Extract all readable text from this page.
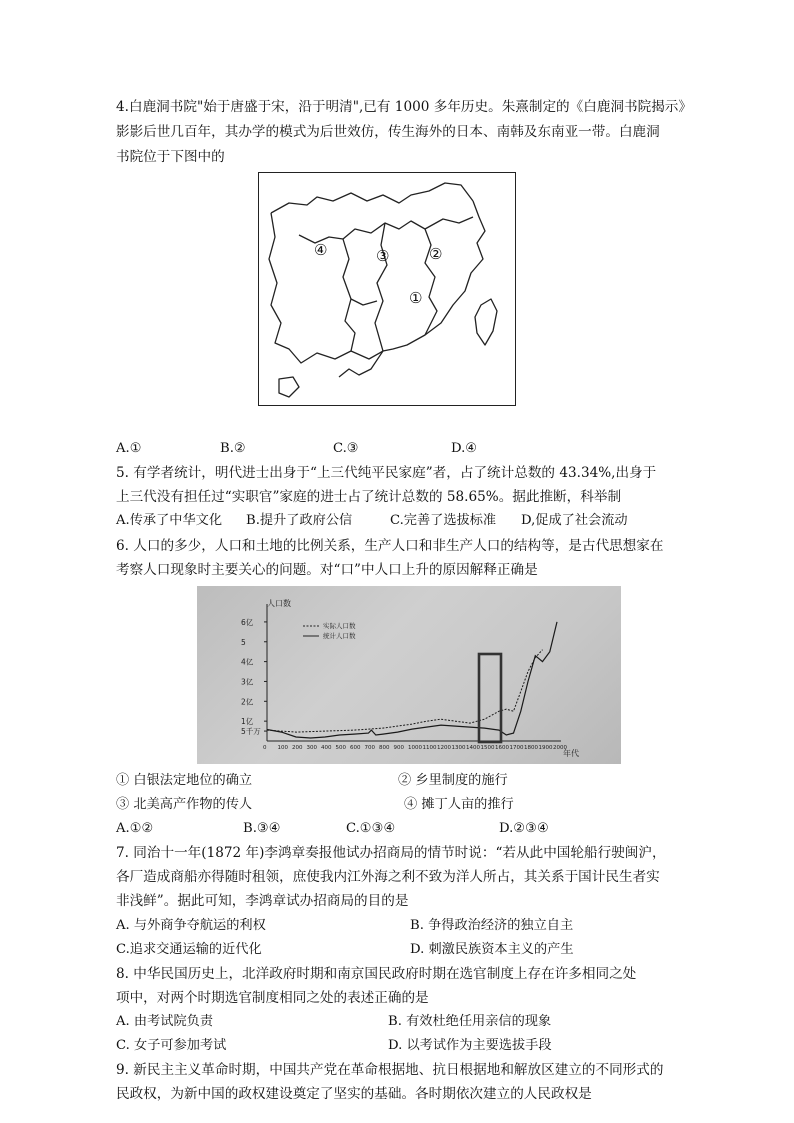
4.白鹿洞书院"始于唐盛于宋，沿于明清",已有 1000 多年历史。朱熹制定的《白鹿洞书院揭示》
影影后世几百年，其办学的模式为后世效仿，传生海外的日本、南韩及东南亚一带。白鹿洞
书院位于下图中的
③	②
④
①
A.①	B.②	C.③	D.④
5. 有学者统计，明代进士出身于“上三代纯平民家庭”者，占了统计总数的 43.34%,出身于
上三代没有担任过“实职官”家庭的进士占了统计总数的 58.65%。据此推断，科举制
A.传承了中华文化 B.提升了政府公信	C.完善了选拔标准 D,促成了社会流动
6. 人口的多少，人口和土地的比例关系，生产人口和非生产人口的结构等，是古代思想家在
考察人口现象时主要关心的问题。对“口”中人口上升的原因解释正确是
5千万
1亿
2亿
3亿
4亿
5
6亿
0 100 200 300 400 500 600 700 800 900 1000 1100 1200 1300 1400 1500 1600 1700 1800 1900 2000
人口数
年代
实际人口数
统计人口数
① 白银法定地位的确立	② 乡里制度的施行
③ 北美高产作物的传人	④ 摊丁人亩的推行
A.①②	B.③④	C.①③④	D.②③④
7. 同治十一年(1872 年)李鸿章奏报他试办招商局的情节时说：“若从此中国轮船行驶闽沪，
各厂造成商船亦得随时租领，庶使我内江外海之利不致为洋人所占，其关系于国计民生者实
非浅鲜”。据此可知，李鸿章试办招商局的目的是
A. 与外商争夺航运的利权	B. 争得政治经济的独立自主
C.追求交通运输的近代化	D. 刺激民族资本主义的产生
8. 中华民国历史上，北洋政府时期和南京国民政府时期在选官制度上存在许多相同之处
项中，对两个时期选官制度相同之处的表述正确的是
A. 由考试院负责	B. 有效杜绝任用亲信的现象
C. 女子可参加考试	D. 以考试作为主要选拔手段
9. 新民主主义革命时期，中国共产党在革命根据地、抗日根据地和解放区建立的不同形式的
民政权，为新中国的政权建设奠定了坚实的基础。各时期依次建立的人民政权是
